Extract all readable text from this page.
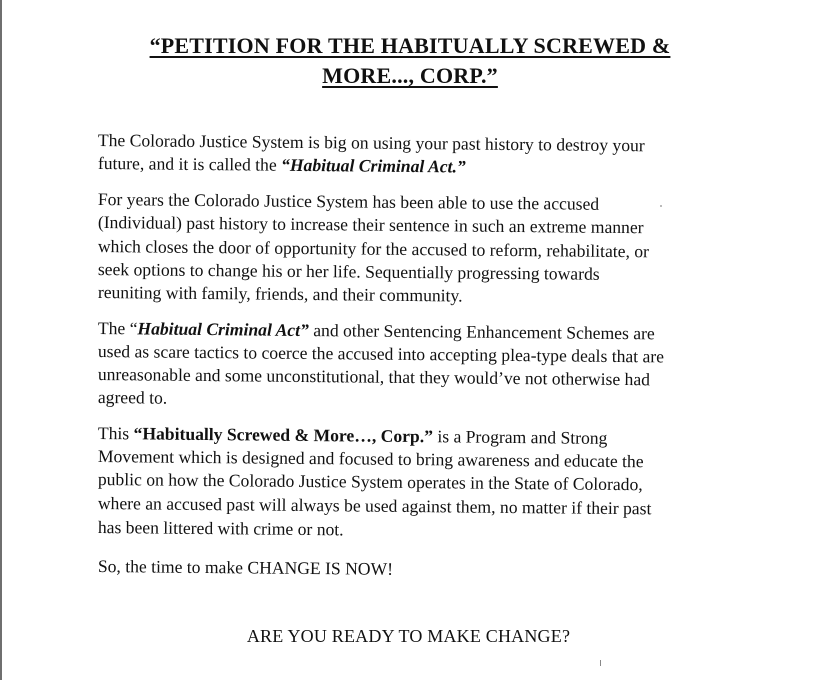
“PETITION FOR THE HABITUALLY SCREWED &
MORE..., CORP.”
The Colorado Justice System is big on using your past history to destroy your
future, and it is called the “Habitual Criminal Act.”
For years the Colorado Justice System has been able to use the accused
(Individual) past history to increase their sentence in such an extreme manner
which closes the door of opportunity for the accused to reform, rehabilitate, or
seek options to change his or her life. Sequentially progressing towards
reuniting with family, friends, and their community.
The “Habitual Criminal Act” and other Sentencing Enhancement Schemes are
used as scare tactics to coerce the accused into accepting plea-type deals that are
unreasonable and some unconstitutional, that they would’ve not otherwise had
agreed to.
This “Habitually Screwed & More…, Corp.” is a Program and Strong
Movement which is designed and focused to bring awareness and educate the
public on how the Colorado Justice System operates in the State of Colorado,
where an accused past will always be used against them, no matter if their past
has been littered with crime or not.
So, the time to make CHANGE IS NOW!
ARE YOU READY TO MAKE CHANGE?
